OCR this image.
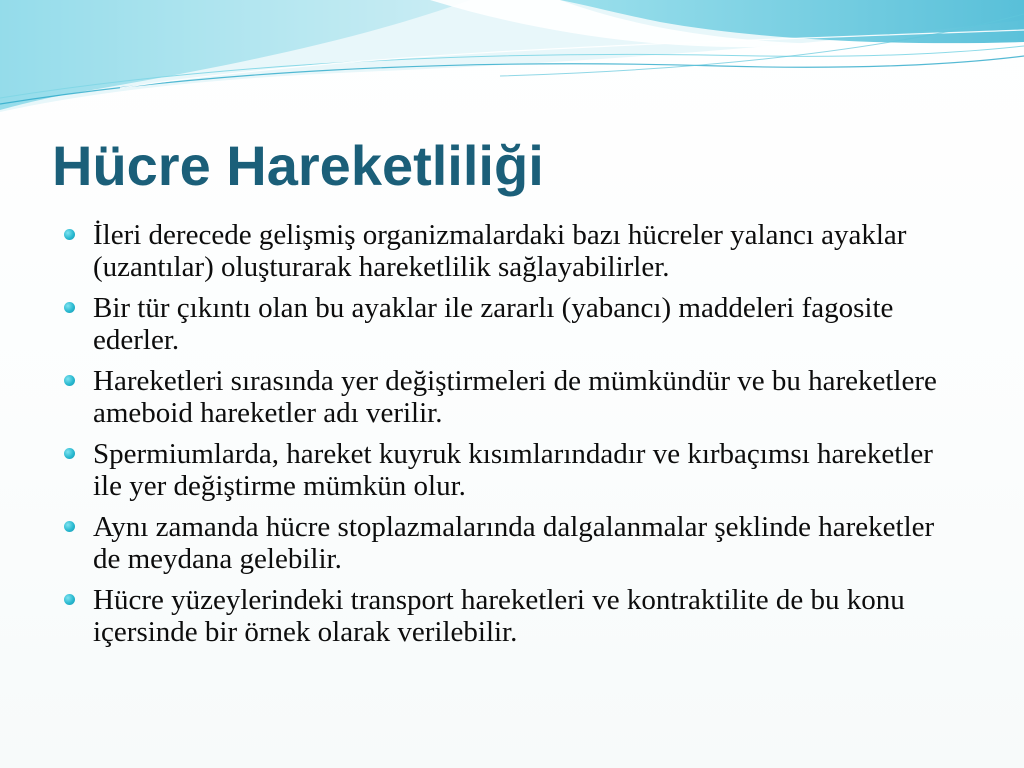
Hücre Hareketliliği
İleri derecede gelişmiş organizmalardaki bazı hücreler yalancı ayaklar (uzantılar) oluşturarak hareketlilik sağlayabilirler.
Bir tür çıkıntı olan bu ayaklar ile zararlı (yabancı) maddeleri fagosite ederler.
Hareketleri sırasında yer değiştirmeleri de mümkündür ve bu hareketlere ameboid hareketler adı verilir.
Spermiumlarda, hareket kuyruk kısımlarındadır ve kırbaçımsı hareketler ile yer değiştirme mümkün olur.
Aynı zamanda hücre stoplazmalarında dalgalanmalar şeklinde hareketler de meydana gelebilir.
Hücre yüzeylerindeki transport hareketleri ve kontraktilite de bu konu içersinde bir örnek olarak verilebilir.
